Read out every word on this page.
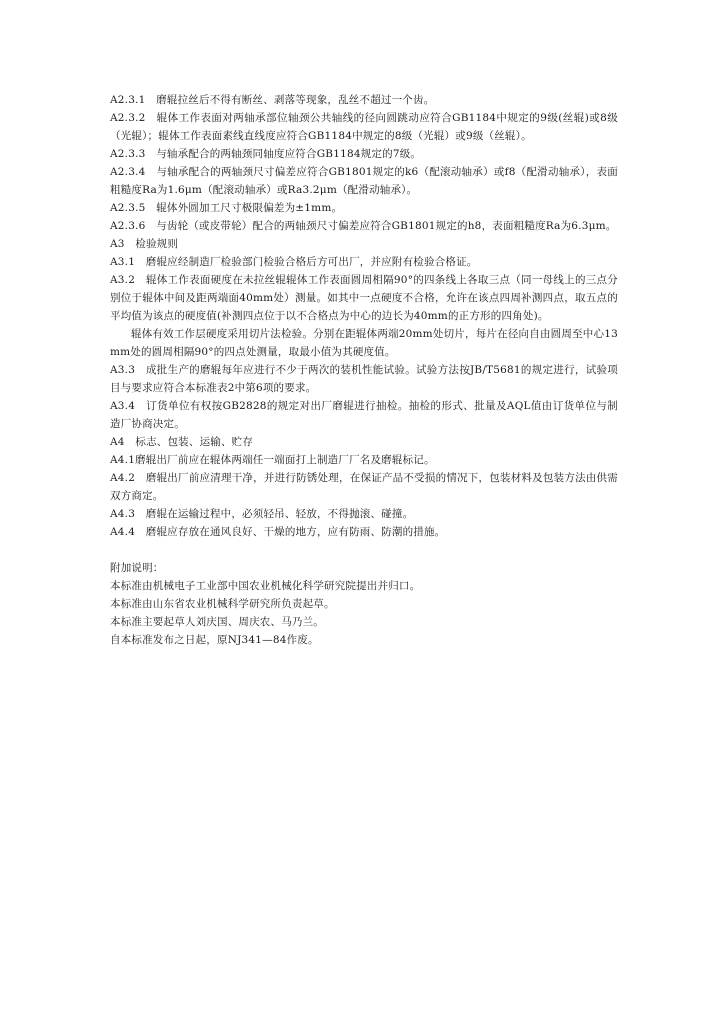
A2.3.1　磨辊拉丝后不得有断丝、剥落等现象，乱丝不超过一个齿。

A2.3.2　辊体工作表面对两轴承部位轴颈公共轴线的径向圆跳动应符合GB1184中规定的9级(丝辊)或8级（光辊）；辊体工作表面素线直线度应符合GB1184中规定的8级（光辊）或9级（丝辊）。

A2.3.3　与轴承配合的两轴颈同轴度应符合GB1184规定的7级。

A2.3.4　与轴承配合的两轴颈尺寸偏差应符合GB1801规定的k6（配滚动轴承）或f8（配滑动轴承），表面粗糙度Ra为1.6μm（配滚动轴承）或Ra3.2μm（配滑动轴承）。

A2.3.5　辊体外圆加工尺寸极限偏差为±1mm。

A2.3.6　与齿轮（或皮带轮）配合的两轴颈尺寸偏差应符合GB1801规定的h8，表面粗糙度Ra为6.3μm。

A3　检验规则

A3.1　磨辊应经制造厂检验部门检验合格后方可出厂，并应附有检验合格证。

A3.2　辊体工作表面硬度在未拉丝辊辊体工作表面圆周相隔90°的四条线上各取三点（同一母线上的三点分别位于辊体中间及距两端面40mm处）测量。如其中一点硬度不合格，允许在该点四周补测四点，取五点的平均值为该点的硬度值(补测四点位于以不合格点为中心的边长为40mm的正方形的四角处)。

辊体有效工作层硬度采用切片法检验。分别在距辊体两端20mm处切片，每片在径向自由圆周至中心13mm处的圆周相隔90°的四点处测量，取最小值为其硬度值。

A3.3　成批生产的磨辊每年应进行不少于两次的装机性能试验。试验方法按JB/T5681的规定进行，试验项目与要求应符合本标准表2中第6项的要求。

A3.4　订货单位有权按GB2828的规定对出厂磨辊进行抽检。抽检的形式、批量及AQL值由订货单位与制造厂协商决定。

A4　标志、包装、运输、贮存

A4.1磨辊出厂前应在辊体两端任一端面打上制造厂厂名及磨辊标记。

A4.2　磨辊出厂前应清理干净，并进行防锈处理，在保证产品不受损的情况下，包装材料及包装方法由供需双方商定。

A4.3　磨辊在运输过程中，必须轻吊、轻放，不得抛滚、碰撞。

A4.4　磨辊应存放在通风良好、干燥的地方，应有防雨、防潮的措施。

附加说明：

本标准由机械电子工业部中国农业机械化科学研究院提出并归口。

本标准由山东省农业机械科学研究所负责起草。

本标准主要起草人刘庆国、周庆农、马乃兰。

自本标准发布之日起，原NJ341—84作废。
